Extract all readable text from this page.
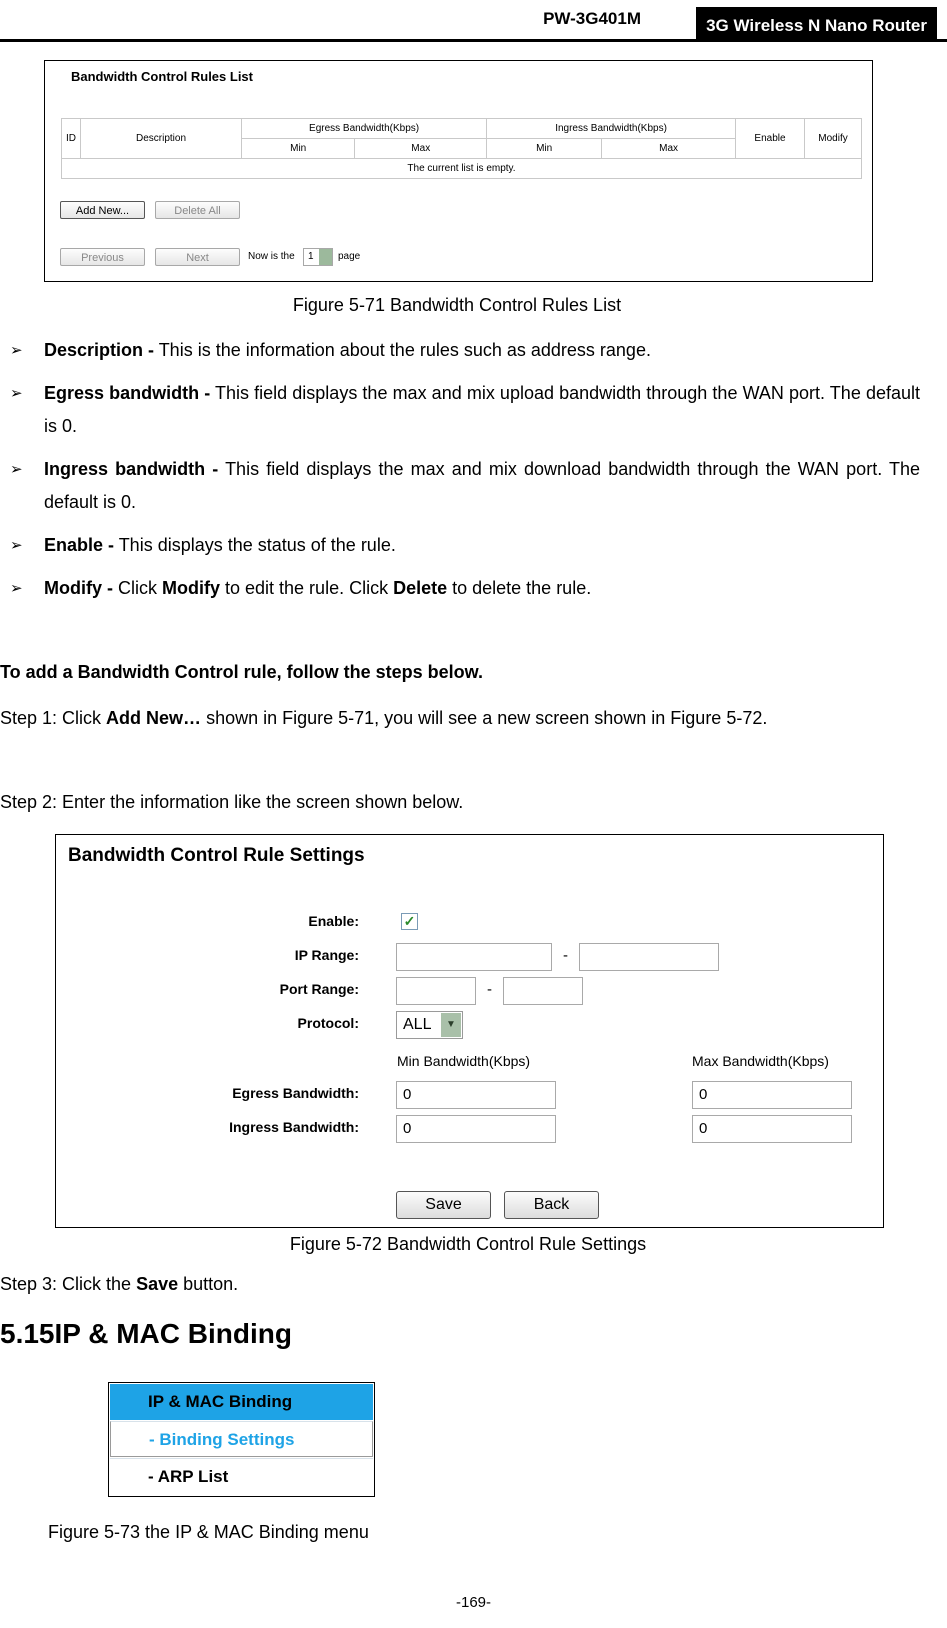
PW-3G401M	3G Wireless N Nano Router
Bandwidth Control Rules List
ID	Description	Egress Bandwidth(Kbps)		Ingress Bandwidth(Kbps)		Enable	Modify
		Min	Max	Min	Max		
The current list is empty.							
Add New...	Delete All
Previous	Next	Now is the 1 page
Figure 5-71 Bandwidth Control Rules List
➢ Description - This is the information about the rules such as address range.
➢ Egress bandwidth - This field displays the max and mix upload bandwidth through the WAN port. The default is 0.
➢ Ingress bandwidth - This field displays the max and mix download bandwidth through the WAN port. The default is 0.
➢ Enable - This displays the status of the rule.
➢ Modify - Click Modify to edit the rule. Click Delete to delete the rule.
To add a Bandwidth Control rule, follow the steps below.
Step 1: Click Add New… shown in Figure 5-71, you will see a new screen shown in Figure 5-72.
Step 2: Enter the information like the screen shown below.
Bandwidth Control Rule Settings
Enable:	✓
IP Range:	-
Port Range:	-
Protocol:	ALL	▼
Min Bandwidth(Kbps)	Max Bandwidth(Kbps)
Egress Bandwidth:	0	0
Ingress Bandwidth:	0	0
Save	Back
Figure 5-72 Bandwidth Control Rule Settings
Step 3: Click the Save button.
5.15IP & MAC Binding
IP & MAC Binding
- Binding Settings
- ARP List
Figure 5-73 the IP & MAC Binding menu
-169-
